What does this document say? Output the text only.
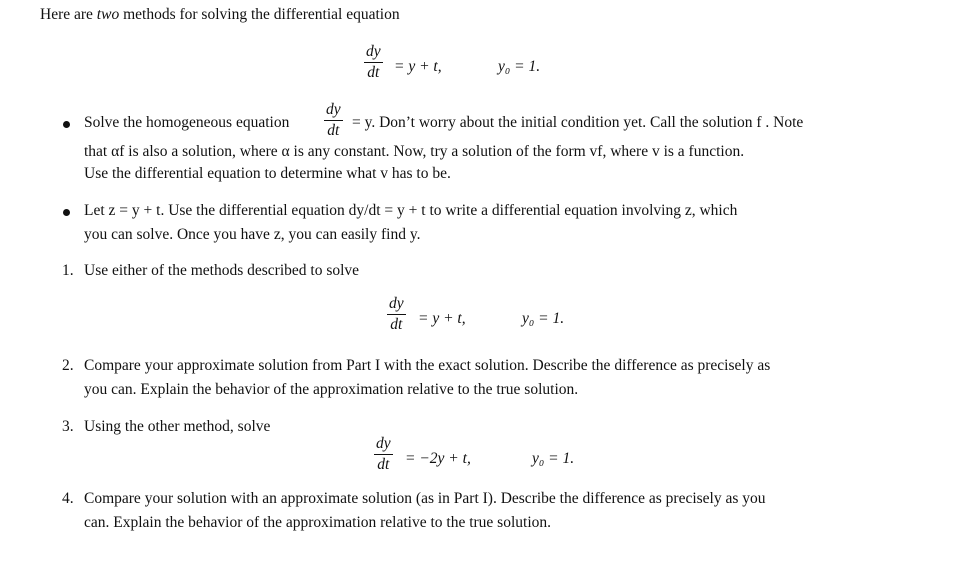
Here are two methods for solving the differential equation
$\frac{dy}{dt} = y + t$,	y₀ = 1.
Solve the homogeneous equation $\frac{dy}{dt} = y$. Don’t worry about the initial condition yet. Call the solution f . Note
that αf is also a solution, where α is any constant. Now, try a solution of the form vf, where v is a function.
Use the differential equation to determine what v has to be.
Let z = y + t. Use the differential equation dy/dt = y + t to write a differential equation involving z, which
you can solve. Once you have z, you can easily find y.
1. Use either of the methods described to solve
$\frac{dy}{dt} = y + t$,	y₀ = 1.
2. Compare your approximate solution from Part I with the exact solution. Describe the difference as precisely as
you can. Explain the behavior of the approximation relative to the true solution.
3. Using the other method, solve
$\frac{dy}{dt} = -2y + t$,	y₀ = 1.
4. Compare your solution with an approximate solution (as in Part I). Describe the difference as precisely as you
can. Explain the behavior of the approximation relative to the true solution.
